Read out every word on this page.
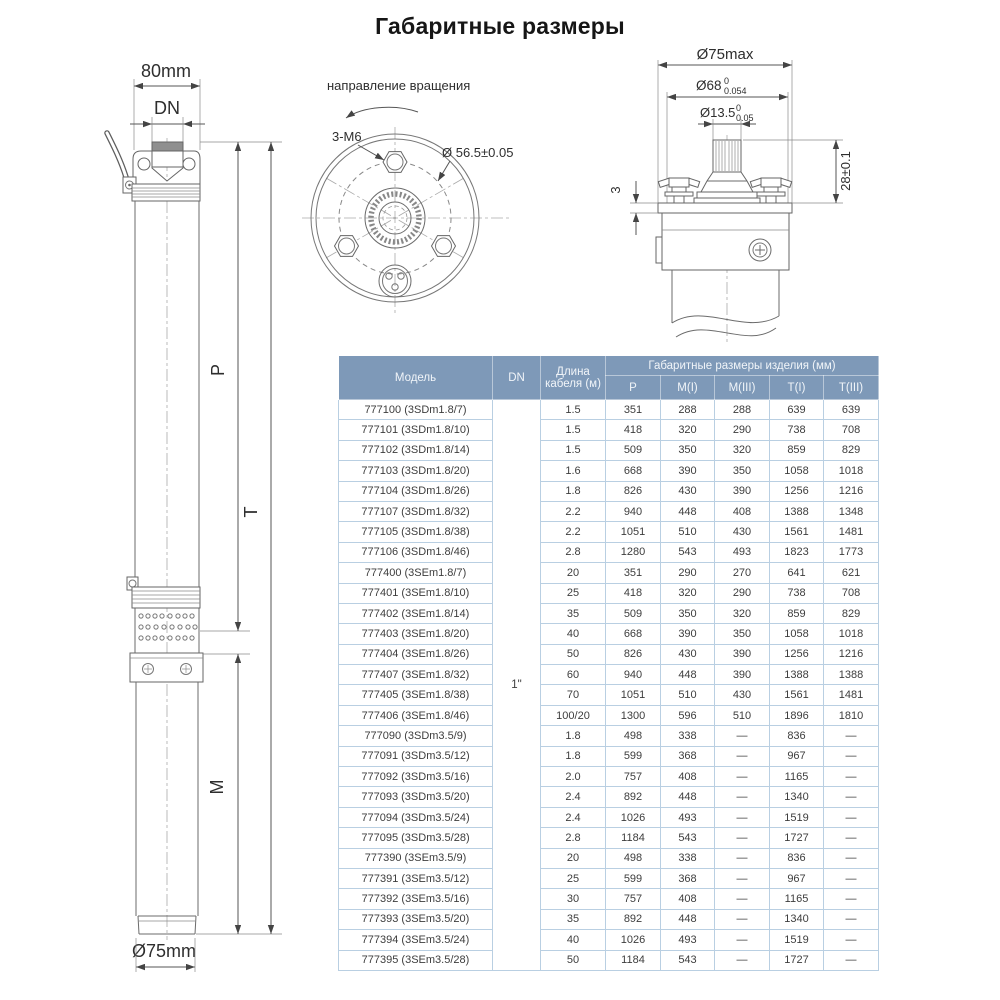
Габаритные размеры
80mm
DN
Ø75mm
P
T
M
направление вращения
3-М6
Ø 56.5±0.05
Ø75max
Ø68 0
0.054
Ø13.5 0
0.05
3	28±0.1
Модель	DN	Длина кабеля (м)	Габаритные размеры изделия (мм)				
			P	M(I)	M(III)	T(I)	T(III)
777100 (3SDm1.8/7)	1"	1.5	351	288	288	639	639
777101 (3SDm1.8/10)		1.5	418	320	290	738	708
777102 (3SDm1.8/14)		1.5	509	350	320	859	829
777103 (3SDm1.8/20)		1.6	668	390	350	1058	1018
777104 (3SDm1.8/26)		1.8	826	430	390	1256	1216
777107 (3SDm1.8/32)		2.2	940	448	408	1388	1348
777105 (3SDm1.8/38)		2.2	1051	510	430	1561	1481
777106 (3SDm1.8/46)		2.8	1280	543	493	1823	1773
777400 (3SEm1.8/7)		20	351	290	270	641	621
777401 (3SEm1.8/10)		25	418	320	290	738	708
777402 (3SEm1.8/14)		35	509	350	320	859	829
777403 (3SEm1.8/20)		40	668	390	350	1058	1018
777404 (3SEm1.8/26)		50	826	430	390	1256	1216
777407 (3SEm1.8/32)		60	940	448	390	1388	1388
777405 (3SEm1.8/38)		70	1051	510	430	1561	1481
777406 (3SEm1.8/46)		100/20	1300	596	510	1896	1810
777090 (3SDm3.5/9)		1.8	498	338	—	836	—
777091 (3SDm3.5/12)		1.8	599	368	—	967	—
777092 (3SDm3.5/16)		2.0	757	408	—	1165	—
777093 (3SDm3.5/20)		2.4	892	448	—	1340	—
777094 (3SDm3.5/24)		2.4	1026	493	—	1519	—
777095 (3SDm3.5/28)		2.8	1184	543	—	1727	—
777390 (3SEm3.5/9)		20	498	338	—	836	—
777391 (3SEm3.5/12)		25	599	368	—	967	—
777392 (3SEm3.5/16)		30	757	408	—	1165	—
777393 (3SEm3.5/20)		35	892	448	—	1340	—
777394 (3SEm3.5/24)		40	1026	493	—	1519	—
777395 (3SEm3.5/28)		50	1184	543	—	1727	—
